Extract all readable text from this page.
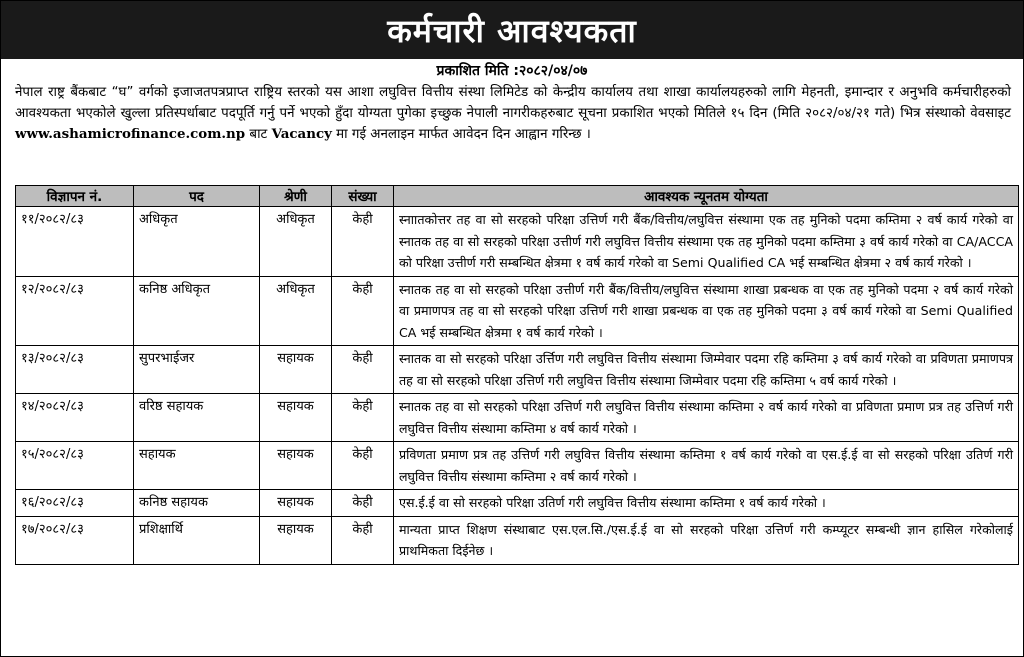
कर्मचारी आवश्यकता
प्रकाशित मिति :२०८२/०४/०७
नेपाल राष्ट्र बैंकबाट “घ” वर्गको इजाजतपत्रप्राप्त राष्ट्रिय स्तरको यस आशा लघुवित्त वित्तीय संस्था लिमिटेड को केन्द्रीय कार्यालय तथा शाखा कार्यालयहरुको लागि मेहनती, इमान्दार र अनुभवि कर्मचारीहरुको आवश्यकता भएकोले खुल्ला प्रतिस्पर्धाबाट पदपूर्ति गर्नु पर्ने भएको हुँदा योग्यता पुगेका इच्छुक नेपाली नागरीकहरुबाट सूचना प्रकाशित भएको मितिले १५ दिन (मिति २०८२/०४/२१ गते) भित्र संस्थाको वेवसाइट www.ashamicrofinance.com.np बाट Vacancy मा गई अनलाइन मार्फत आवेदन दिन आह्वान गरिन्छ ।
विज्ञापन नं.	पद	श्रेणी	संख्या	आवश्यक न्यूनतम योग्यता
११/२०८२/८३	अधिकृत	अधिकृत	केही	स्नाातकोत्तर तह वा सो सरहको परिक्षा उत्तिर्ण गरी बैंक/वित्तीय/लघुवित्त संस्थामा एक तह मुनिको पदमा कम्तिमा २ वर्ष कार्य गरेको वा स्नातक तह वा सो सरहको परिक्षा उत्तीर्ण गरी लघुवित्त वित्तीय संस्थामा एक तह मुनिको पदमा कम्तिमा ३ वर्ष कार्य गरेको वा CA/ACCA को परिक्षा उत्तीर्ण गरी सम्बन्धित क्षेत्रमा १ वर्ष कार्य गरेको वा Semi Qualified CA भई सम्बन्धित क्षेत्रमा २ वर्ष कार्य गरेको ।
१२/२०८२/८३	कनिष्ठ अधिकृत	अधिकृत	केही	स्नातक तह वा सो सरहको परिक्षा उत्तीर्ण गरी बैंक/वित्तीय/लघुवित्त संस्थामा शाखा प्रबन्धक वा एक तह मुनिको पदमा २ वर्ष कार्य गरेको वा प्रमाणपत्र तह वा सो सरहको परिक्षा उत्तिर्ण गरी शाखा प्रबन्धक वा एक तह मुनिको पदमा ३ वर्ष कार्य गरेको वा Semi Qualified CA भई सम्बन्धित क्षेत्रमा १ वर्ष कार्य गरेको ।
१३/२०८२/८३	सुपरभाईजर	सहायक	केही	स्नातक वा सो सरहको परिक्षा उर्त्तिण गरी लघुवित्त वित्तीय संस्थामा जिम्मेवार पदमा रहि कम्तिमा ३ वर्ष कार्य गरेको वा प्रविणता प्रमाणपत्र तह वा सो सरहको परिक्षा उत्तिर्ण गरी लघुवित्त वित्तीय संस्थामा जिम्मेवार पदमा रहि कम्तिमा ५ वर्ष कार्य गरेको ।
१४/२०८२/८३	वरिष्ठ सहायक	सहायक	केही	स्नातक तह वा सो सरहको परिक्षा उत्तिर्ण गरी लघुवित्त वित्तीय संस्थामा कम्तिमा २ वर्ष कार्य गरेको वा प्रविणता प्रमाण प्रत्र तह उत्तिर्ण गरी लघुवित्त वित्तीय संस्थामा कम्तिमा ४ वर्ष कार्य गरेको ।
१५/२०८२/८३	सहायक	सहायक	केही	प्रविणता प्रमाण प्रत्र तह उत्तिर्ण गरी लघुवित्त वित्तीय संस्थामा कम्तिमा १ वर्ष कार्य गरेको वा एस.ई.ई वा सो सरहको परिक्षा उतिर्ण गरी लघुवित्त वित्तीय संस्थामा कम्तिमा २ वर्ष कार्य गरेको ।
१६/२०८२/८३	कनिष्ठ सहायक	सहायक	केही	एस.ई.ई वा सो सरहको परिक्षा उतिर्ण गरी लघुवित्त वित्तीय संस्थामा कम्तिमा १ वर्ष कार्य गरेको ।
१७/२०८२/८३	प्रशिक्षार्थि	सहायक	केही	मान्यता प्राप्त शिक्षण संस्थाबाट एस.एल.सि./एस.ई.ई वा सो सरहको परिक्षा उत्तिर्ण गरी कम्प्यूटर सम्बन्धी ज्ञान हासिल गरेकोलाई प्राथमिकता दिईनेछ ।
